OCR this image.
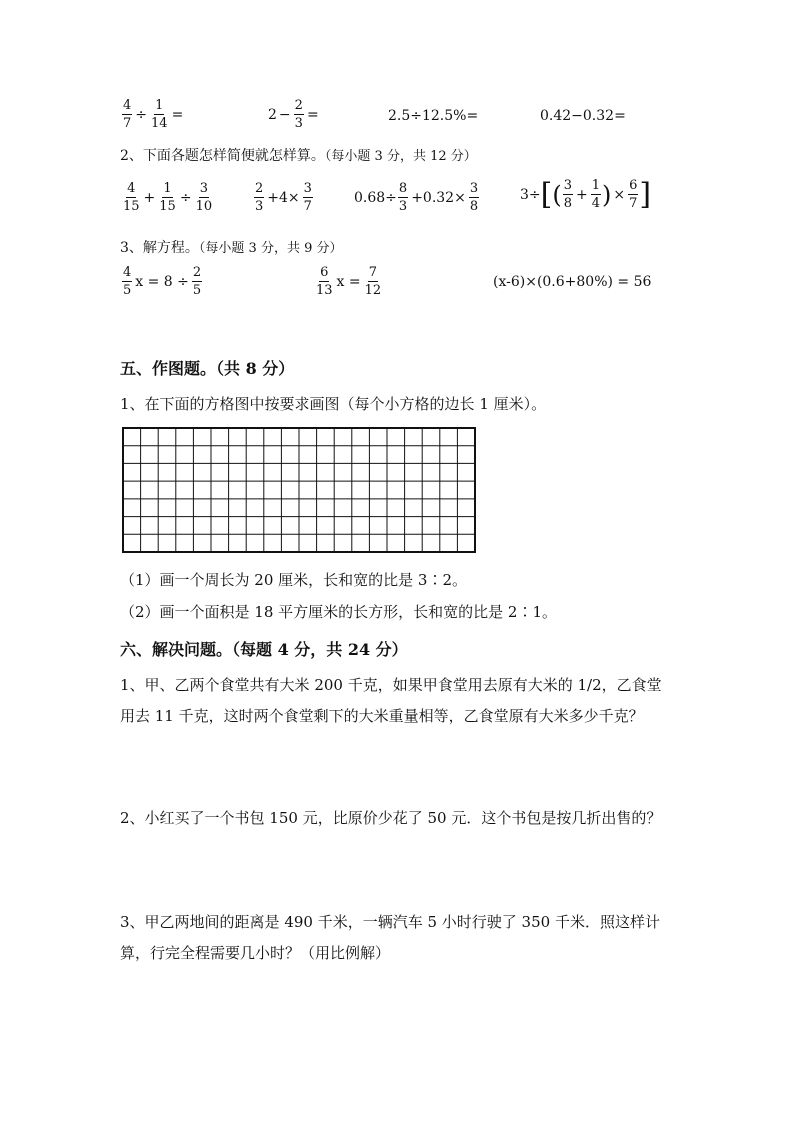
$\frac{4}{7} \div \frac{1}{14}$ =	$2 - \frac{2}{3}$ =	2.5÷12.5%=	0.42−0.32=
2、下面各题怎样简便就怎样算。（每小题 3 分，共 12 分）
$\frac{4}{15} + \frac{1}{15} \div \frac{3}{10}$	$\frac{2}{3} +4\times \frac{3}{7}$	$0.68\div \frac{8}{3} +0.32\times \frac{3}{8}$	3÷ [ ( $\frac{3}{8} + \frac{1}{4}$ ) × $\frac{6}{7}$ ]
3、解方程。（每小题 3 分，共 9 分）
$\frac{4}{5}$ $x = 8 \div \frac{2}{5}$	$\frac{6}{13}$ $x = \frac{7}{12}$	(x-6)×(0.6+80%) = 56
五、作图题。（共 8 分）
1、在下面的方格图中按要求画图（每个小方格的边长 1 厘米）。
（1）画一个周长为 20 厘米，长和宽的比是 3∶2。
（2）画一个面积是 18 平方厘米的长方形，长和宽的比是 2∶1。
六、解决问题。（每题 4 分，共 24 分）
1、甲、乙两个食堂共有大米 200 千克，如果甲食堂用去原有大米的 1/2，乙食堂用去 11 千克，这时两个食堂剩下的大米重量相等，乙食堂原有大米多少千克？
2、小红买了一个书包 150 元，比原价少花了 50 元．这个书包是按几折出售的？
3、甲乙两地间的距离是 490 千米，一辆汽车 5 小时行驶了 350 千米．照这样计算，行完全程需要几小时？（用比例解）
